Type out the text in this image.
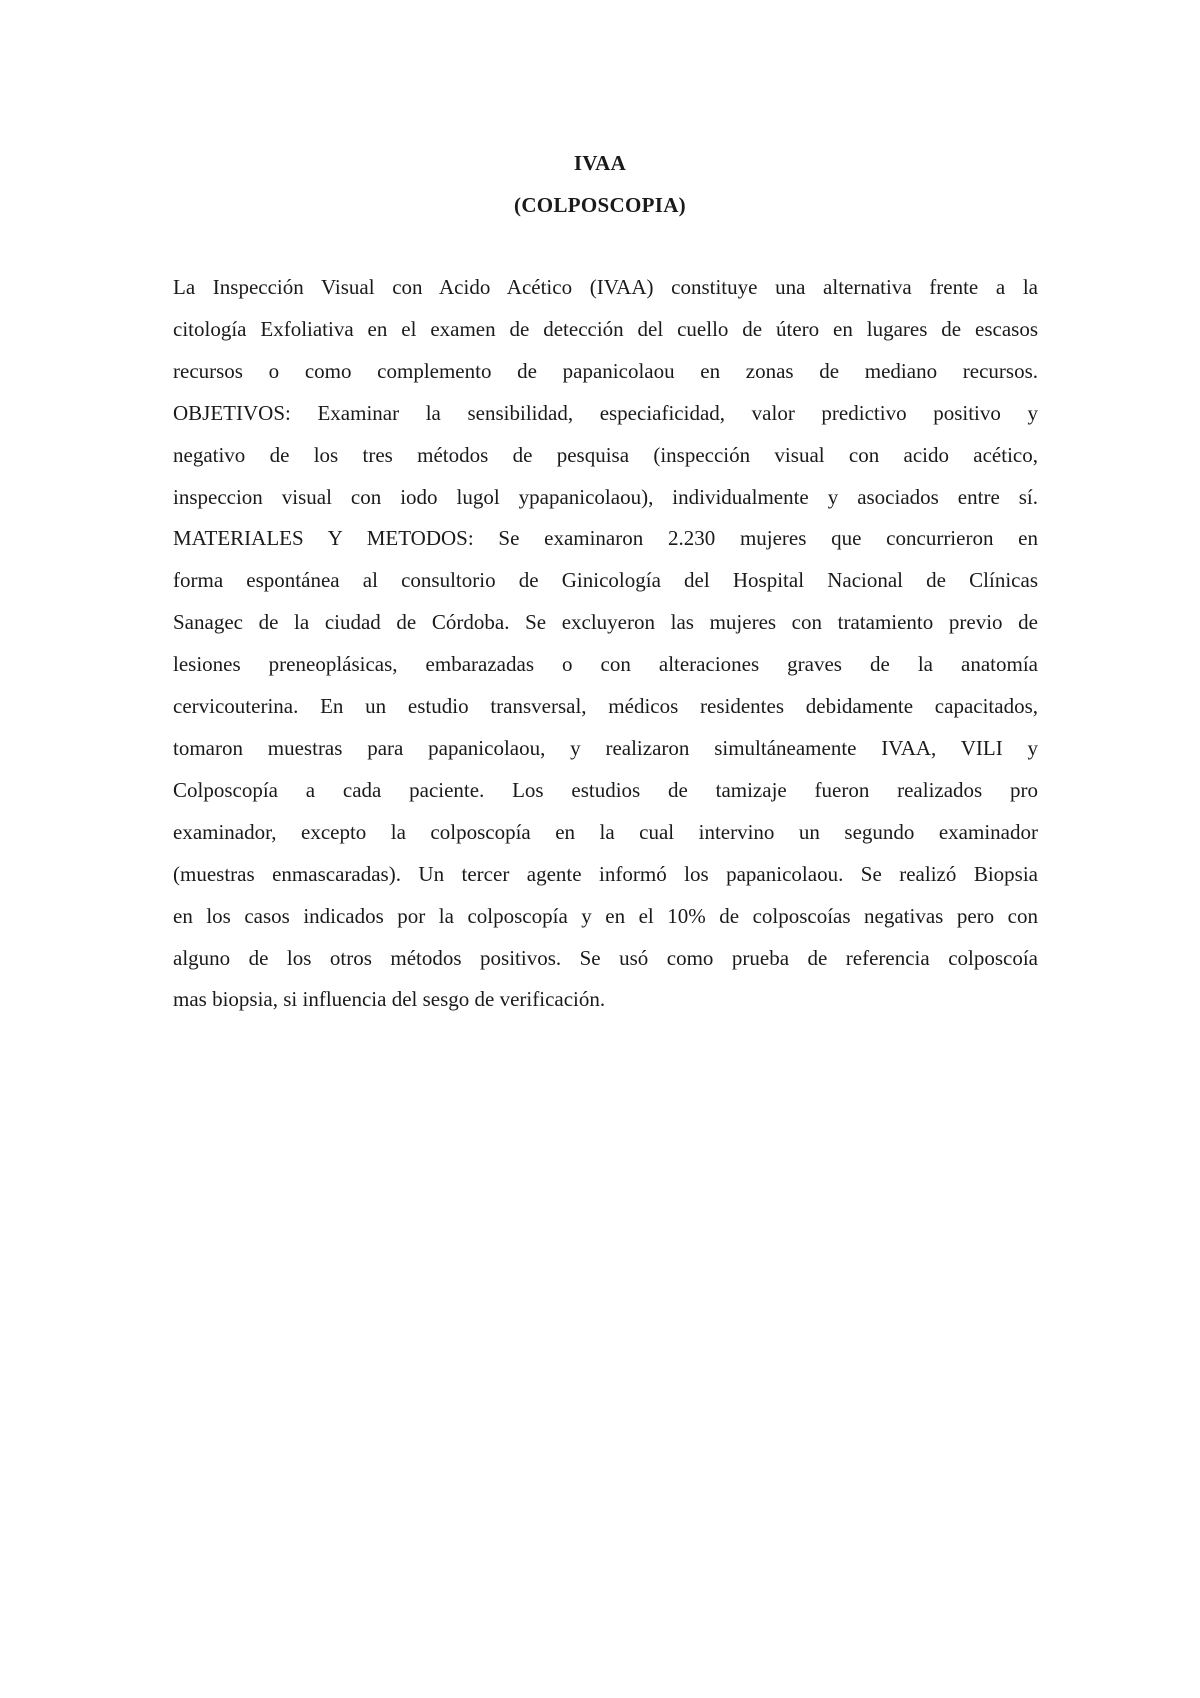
IVAA

(COLPOSCOPIA)

La Inspección Visual con Acido Acético (IVAA) constituye una alternativa frente a la
citología Exfoliativa en el examen de detección del cuello de útero en lugares de escasos
recursos o como complemento de papanicolaou en zonas de mediano recursos.
OBJETIVOS: Examinar la sensibilidad, especiaficidad, valor predictivo positivo y
negativo de los tres métodos de pesquisa (inspección visual con acido acético,
inspeccion visual con iodo lugol ypapanicolaou), individualmente y asociados entre sí.
MATERIALES Y METODOS: Se examinaron 2.230 mujeres que concurrieron en
forma espontánea al consultorio de Ginicología del Hospital Nacional de Clínicas
Sanagec de la ciudad de Córdoba. Se excluyeron las mujeres con tratamiento previo de
lesiones preneoplásicas, embarazadas o con alteraciones graves de la anatomía
cervicouterina. En un estudio transversal, médicos residentes debidamente capacitados,
tomaron muestras para papanicolaou, y realizaron simultáneamente IVAA, VILI y
Colposcopía a cada paciente. Los estudios de tamizaje fueron realizados pro
examinador, excepto la colposcopía en la cual intervino un segundo examinador
(muestras enmascaradas). Un tercer agente informó los papanicolaou. Se realizó Biopsia
en los casos indicados por la colposcopía y en el 10% de colposcoías negativas pero con
alguno de los otros métodos positivos. Se usó como prueba de referencia colposcoía
mas biopsia, si influencia del sesgo de verificación.
